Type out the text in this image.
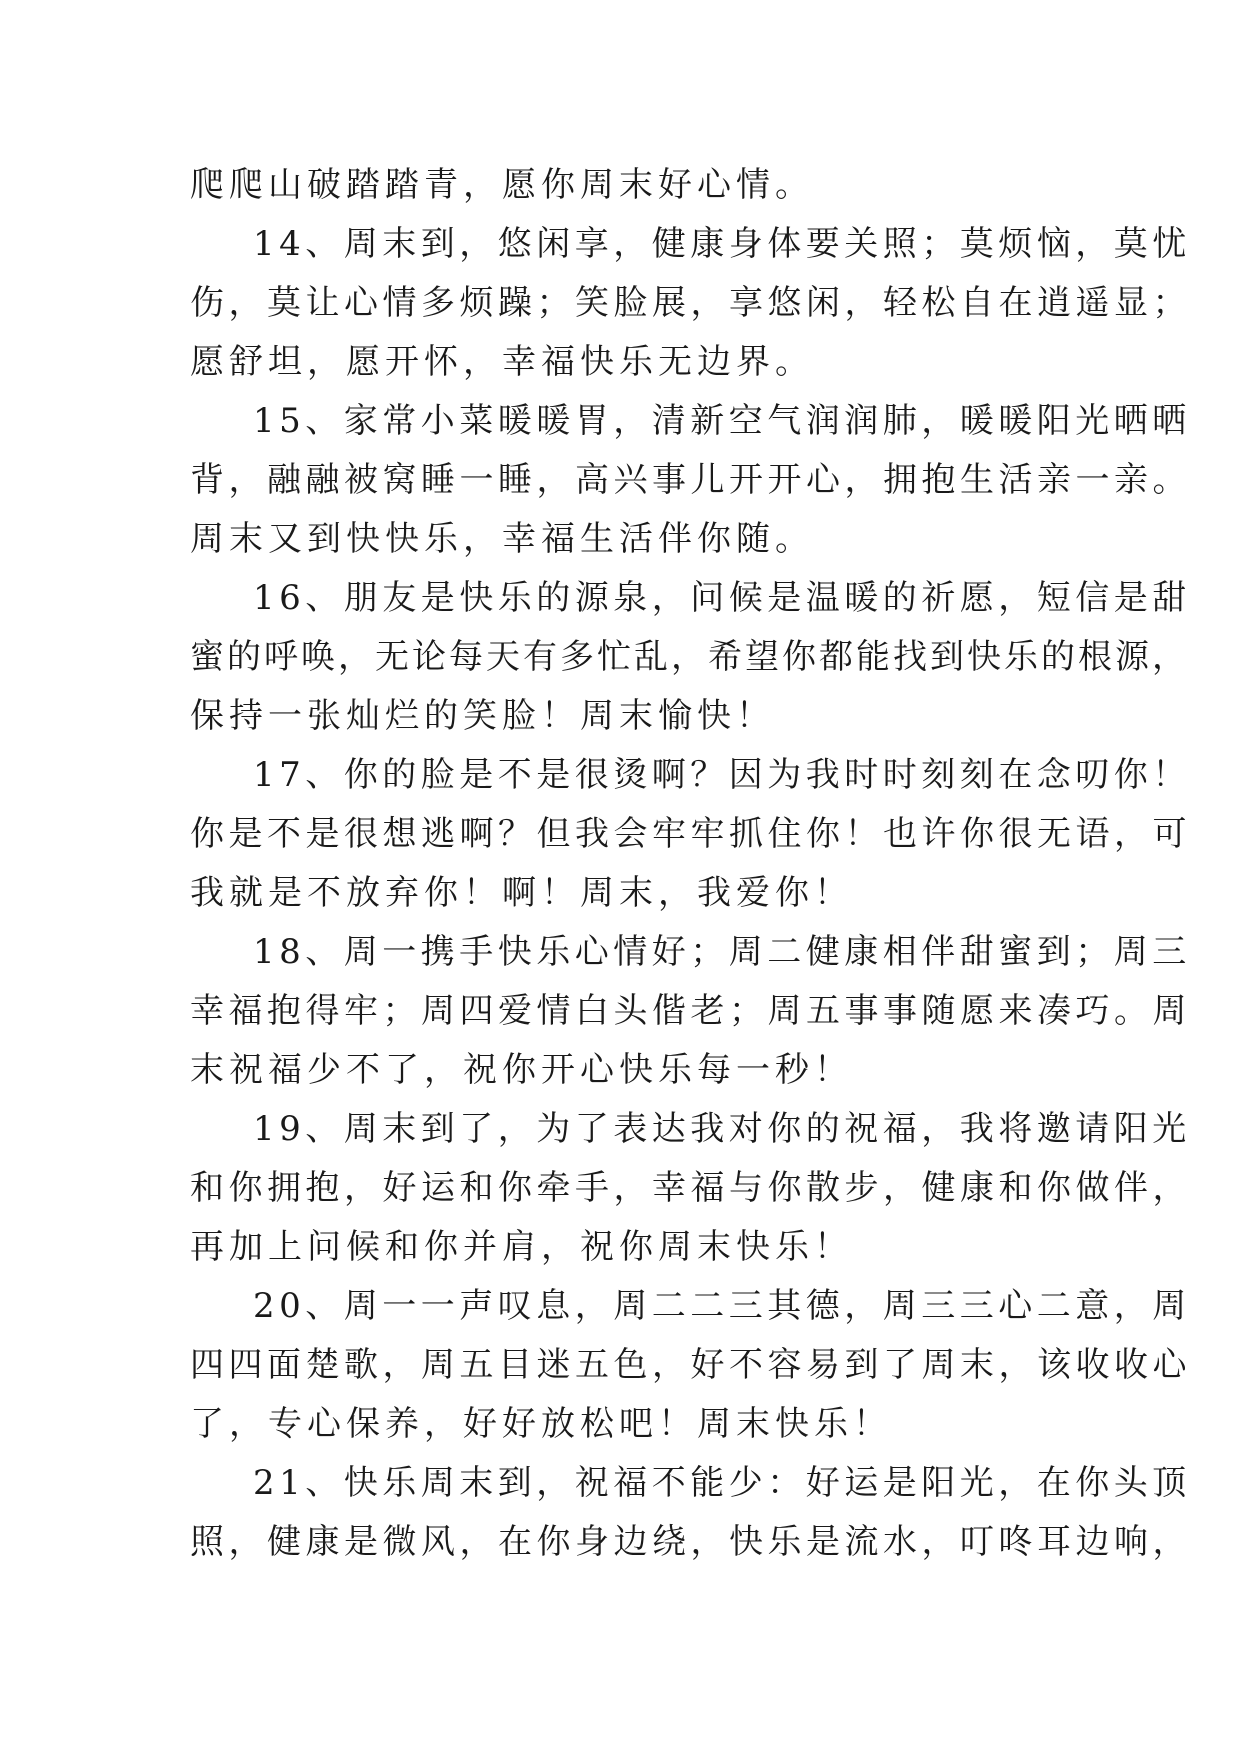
爬爬山破踏踏青，愿你周末好心情。
14、周末到，悠闲享，健康身体要关照；莫烦恼，莫忧
伤，莫让心情多烦躁；笑脸展，享悠闲，轻松自在逍遥显；
愿舒坦，愿开怀，幸福快乐无边界。
15、家常小菜暖暖胃，清新空气润润肺，暖暖阳光晒晒
背，融融被窝睡一睡，高兴事儿开开心，拥抱生活亲一亲。
周末又到快快乐，幸福生活伴你随。
16、朋友是快乐的源泉，问候是温暖的祈愿，短信是甜
蜜的呼唤，无论每天有多忙乱，希望你都能找到快乐的根源，
保持一张灿烂的笑脸！周末愉快！
17、你的脸是不是很烫啊？因为我时时刻刻在念叨你！
你是不是很想逃啊？但我会牢牢抓住你！也许你很无语，可
我就是不放弃你！啊！周末，我爱你！
18、周一携手快乐心情好；周二健康相伴甜蜜到；周三
幸福抱得牢；周四爱情白头偕老；周五事事随愿来凑巧。周
末祝福少不了，祝你开心快乐每一秒！
19、周末到了，为了表达我对你的祝福，我将邀请阳光
和你拥抱，好运和你牵手，幸福与你散步，健康和你做伴，
再加上问候和你并肩，祝你周末快乐！
20、周一一声叹息，周二二三其德，周三三心二意，周
四四面楚歌，周五目迷五色，好不容易到了周末，该收收心
了，专心保养，好好放松吧！周末快乐！
21、快乐周末到，祝福不能少：好运是阳光，在你头顶
照，健康是微风，在你身边绕，快乐是流水，叮咚耳边响，
